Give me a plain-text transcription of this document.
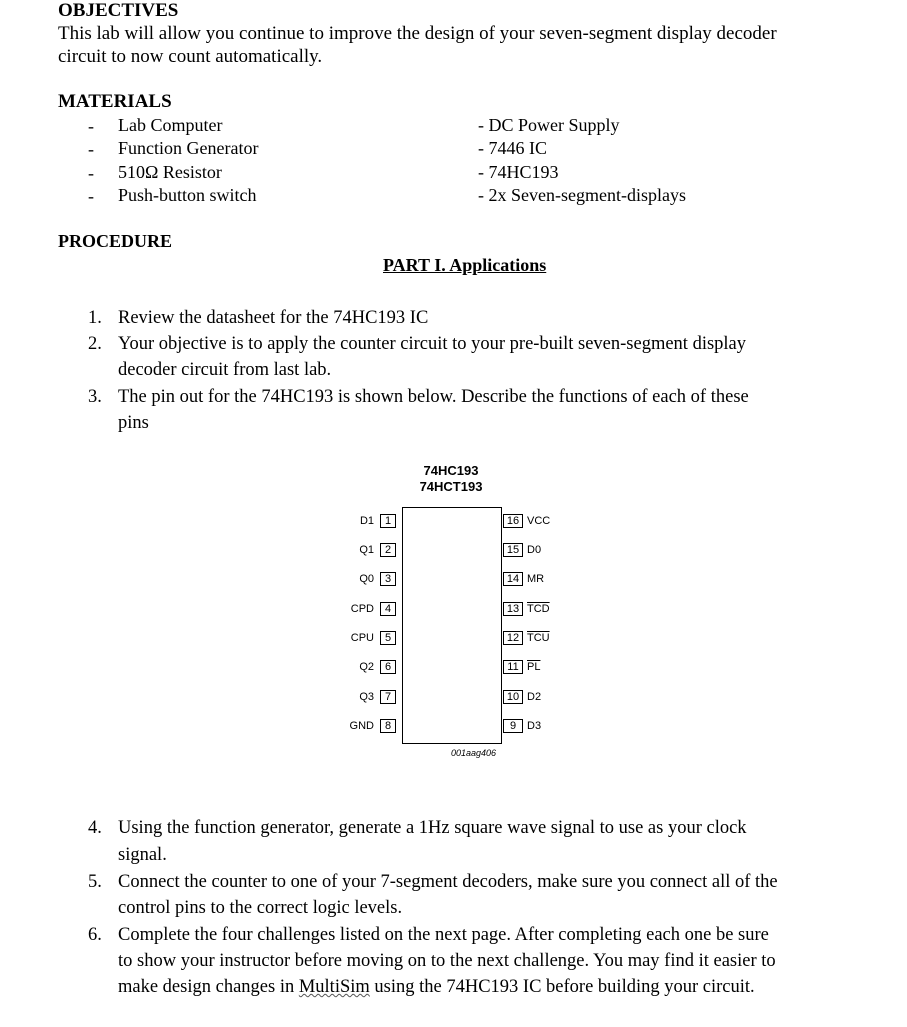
OBJECTIVES
This lab will allow you continue to improve the design of your seven-segment display decoder
circuit to now count automatically.
MATERIALS
- Lab Computer
- Function Generator
- 510Ω Resistor
- Push-button switch
- DC Power Supply
- 7446 IC
- 74HC193
- 2x Seven-segment-displays
PROCEDURE
PART I. Applications
1. Review the datasheet for the 74HC193 IC
2. Your objective is to apply the counter circuit to your pre-built seven-segment display
decoder circuit from last lab.
3. The pin out for the 74HC193 is shown below. Describe the functions of each of these
pins
74HC193
74HCT193
D1 1
Q1 2
Q0 3
CPD 4
CPU 5
Q2 6
Q3 7
GND 8
16 VCC
15 D0
14 MR
13 $\overline{TCD}$
12 $\overline{TCU}$
11 $\overline{PL}$
10 D2
9 D3
001aag406
4. Using the function generator, generate a 1Hz square wave signal to use as your clock
signal.
5. Connect the counter to one of your 7-segment decoders, make sure you connect all of the
control pins to the correct logic levels.
6. Complete the four challenges listed on the next page. After completing each one be sure
to show your instructor before moving on to the next challenge. You may find it easier to
make design changes in MultiSim using the 74HC193 IC before building your circuit.
